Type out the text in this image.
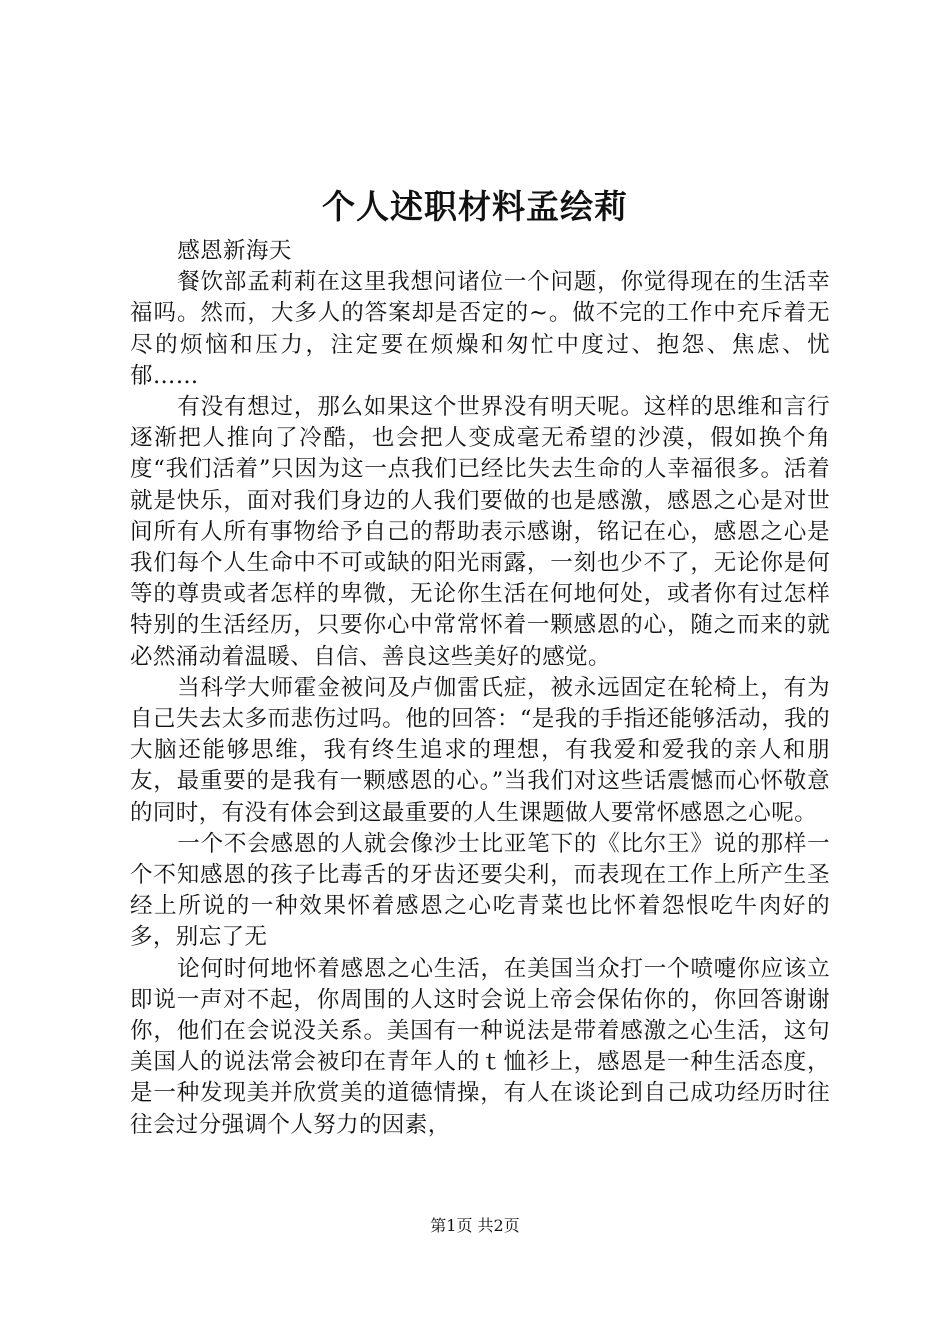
个人述职材料孟绘莉

感恩新海天

餐饮部孟莉莉在这里我想问诸位一个问题，你觉得现在的生活幸福吗。然而，大多人的答案却是否定的~。做不完的工作中充斥着无尽的烦恼和压力，注定要在烦燥和匆忙中度过、抱怨、焦虑、忧郁……

有没有想过，那么如果这个世界没有明天呢。这样的思维和言行逐渐把人推向了冷酷，也会把人变成毫无希望的沙漠，假如换个角度“我们活着”只因为这一点我们已经比失去生命的人幸福很多。活着就是快乐，面对我们身边的人我们要做的也是感激，感恩之心是对世间所有人所有事物给予自己的帮助表示感谢，铭记在心，感恩之心是我们每个人生命中不可或缺的阳光雨露，一刻也少不了，无论你是何等的尊贵或者怎样的卑微，无论你生活在何地何处，或者你有过怎样特别的生活经历，只要你心中常常怀着一颗感恩的心，随之而来的就必然涌动着温暖、自信、善良这些美好的感觉。

当科学大师霍金被问及卢伽雷氏症，被永远固定在轮椅上，有为自己失去太多而悲伤过吗。他的回答：“是我的手指还能够活动，我的大脑还能够思维，我有终生追求的理想，有我爱和爱我的亲人和朋友，最重要的是我有一颗感恩的心。”当我们对这些话震憾而心怀敬意的同时，有没有体会到这最重要的人生课题做人要常怀感恩之心呢。

一个不会感恩的人就会像沙士比亚笔下的《比尔王》说的那样一个不知感恩的孩子比毒舌的牙齿还要尖利，而表现在工作上所产生圣经上所说的一种效果怀着感恩之心吃青菜也比怀着怨恨吃牛肉好的多，别忘了无

论何时何地怀着感恩之心生活，在美国当众打一个喷嚏你应该立即说一声对不起，你周围的人这时会说上帝会保佑你的，你回答谢谢你，他们在会说没关系。美国有一种说法是带着感激之心生活，这句美国人的说法常会被印在青年人的ｔ恤衫上，感恩是一种生活态度，是一种发现美并欣赏美的道德情操，有人在谈论到自己成功经历时往往会过分强调个人努力的因素，

第1页 共2页
